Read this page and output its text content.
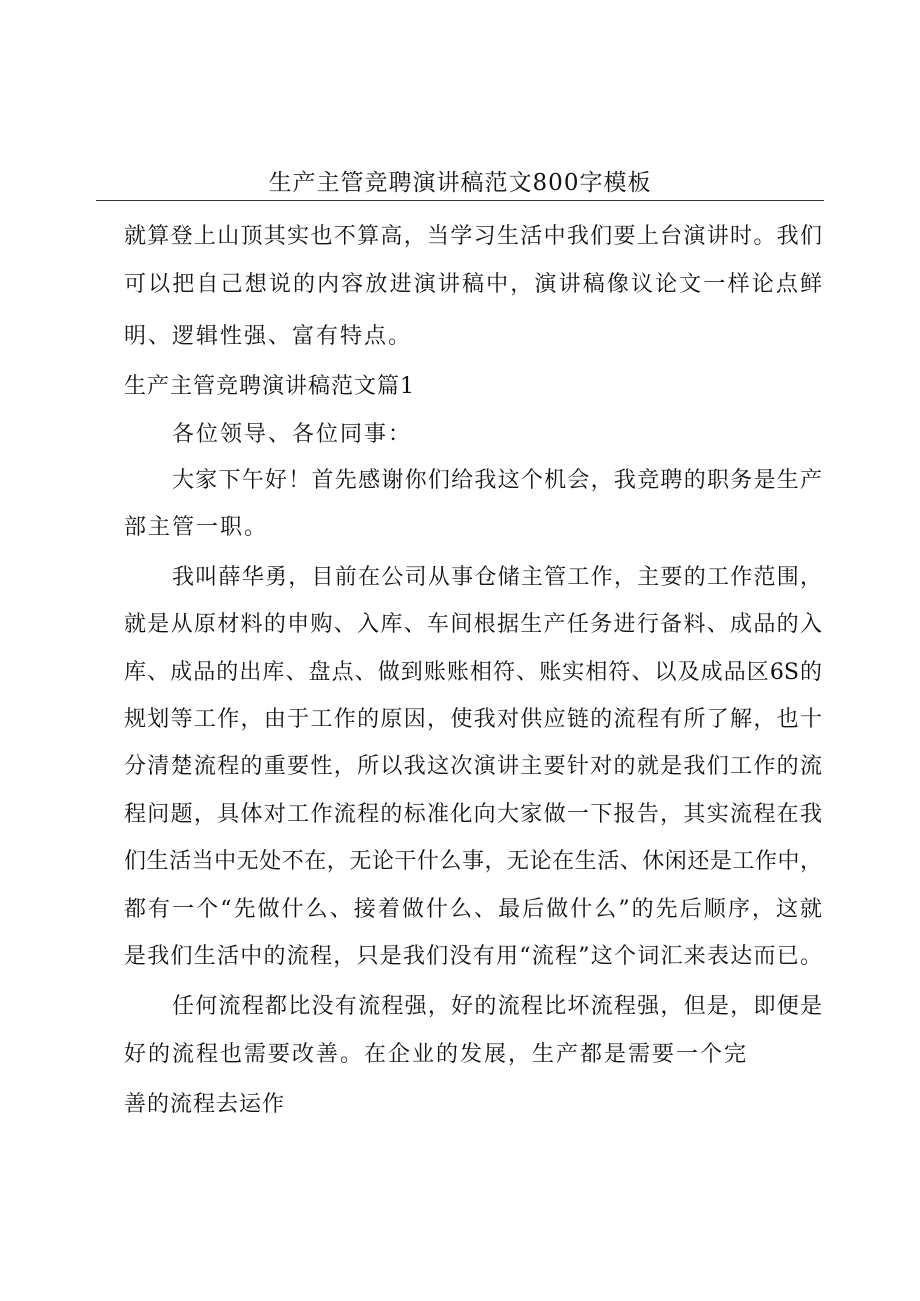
生产主管竞聘演讲稿范文800字模板
就算登上山顶其实也不算高，当学习生活中我们要上台演讲时。我们
可以把自己想说的内容放进演讲稿中，演讲稿像议论文一样论点鲜
明、逻辑性强、富有特点。
生产主管竞聘演讲稿范文篇1
各位领导、各位同事：
大家下午好！首先感谢你们给我这个机会，我竞聘的职务是生产
部主管一职。
我叫薛华勇，目前在公司从事仓储主管工作，主要的工作范围，
就是从原材料的申购、入库、车间根据生产任务进行备料、成品的入
库、成品的出库、盘点、做到账账相符、账实相符、以及成品区6S的
规划等工作，由于工作的原因，使我对供应链的流程有所了解，也十
分清楚流程的重要性，所以我这次演讲主要针对的就是我们工作的流
程问题，具体对工作流程的标准化向大家做一下报告，其实流程在我
们生活当中无处不在，无论干什么事，无论在生活、休闲还是工作中，
都有一个“先做什么、接着做什么、最后做什么”的先后顺序，这就
是我们生活中的流程，只是我们没有用“流程”这个词汇来表达而已。
任何流程都比没有流程强，好的流程比坏流程强，但是，即便是
好的流程也需要改善。在企业的发展，生产都是需要一个完
善的流程去运作
